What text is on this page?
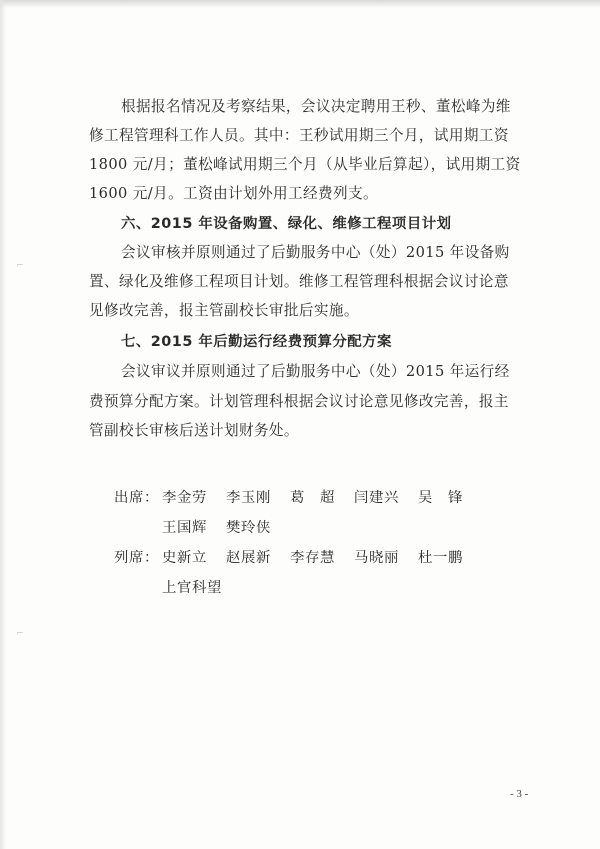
⌐
⌐
根据报名情况及考察结果，会议决定聘用王秒、董松峰为维
修工程管理科工作人员。其中：王秒试用期三个月，试用期工资
1800 元/月；董松峰试用期三个月（从毕业后算起），试用期工资
1600 元/月。工资由计划外用工经费列支。
六、2015 年设备购置、绿化、维修工程项目计划
会议审核并原则通过了后勤服务中心（处）2015 年设备购
置、绿化及维修工程项目计划。维修工程管理科根据会议讨论意
见修改完善，报主管副校长审批后实施。
七、2015 年后勤运行经费预算分配方案
会议审议并原则通过了后勤服务中心（处）2015 年运行经
费预算分配方案。计划管理科根据会议讨论意见修改完善，报主
管副校长审核后送计划财务处。
出席： 李金劳 李玉刚 葛　超 闫建兴 吴　锋
王国辉 樊玲侠
列席： 史新立 赵展新 李存慧 马晓丽 杜一鹏
上官科望
- 3 -
